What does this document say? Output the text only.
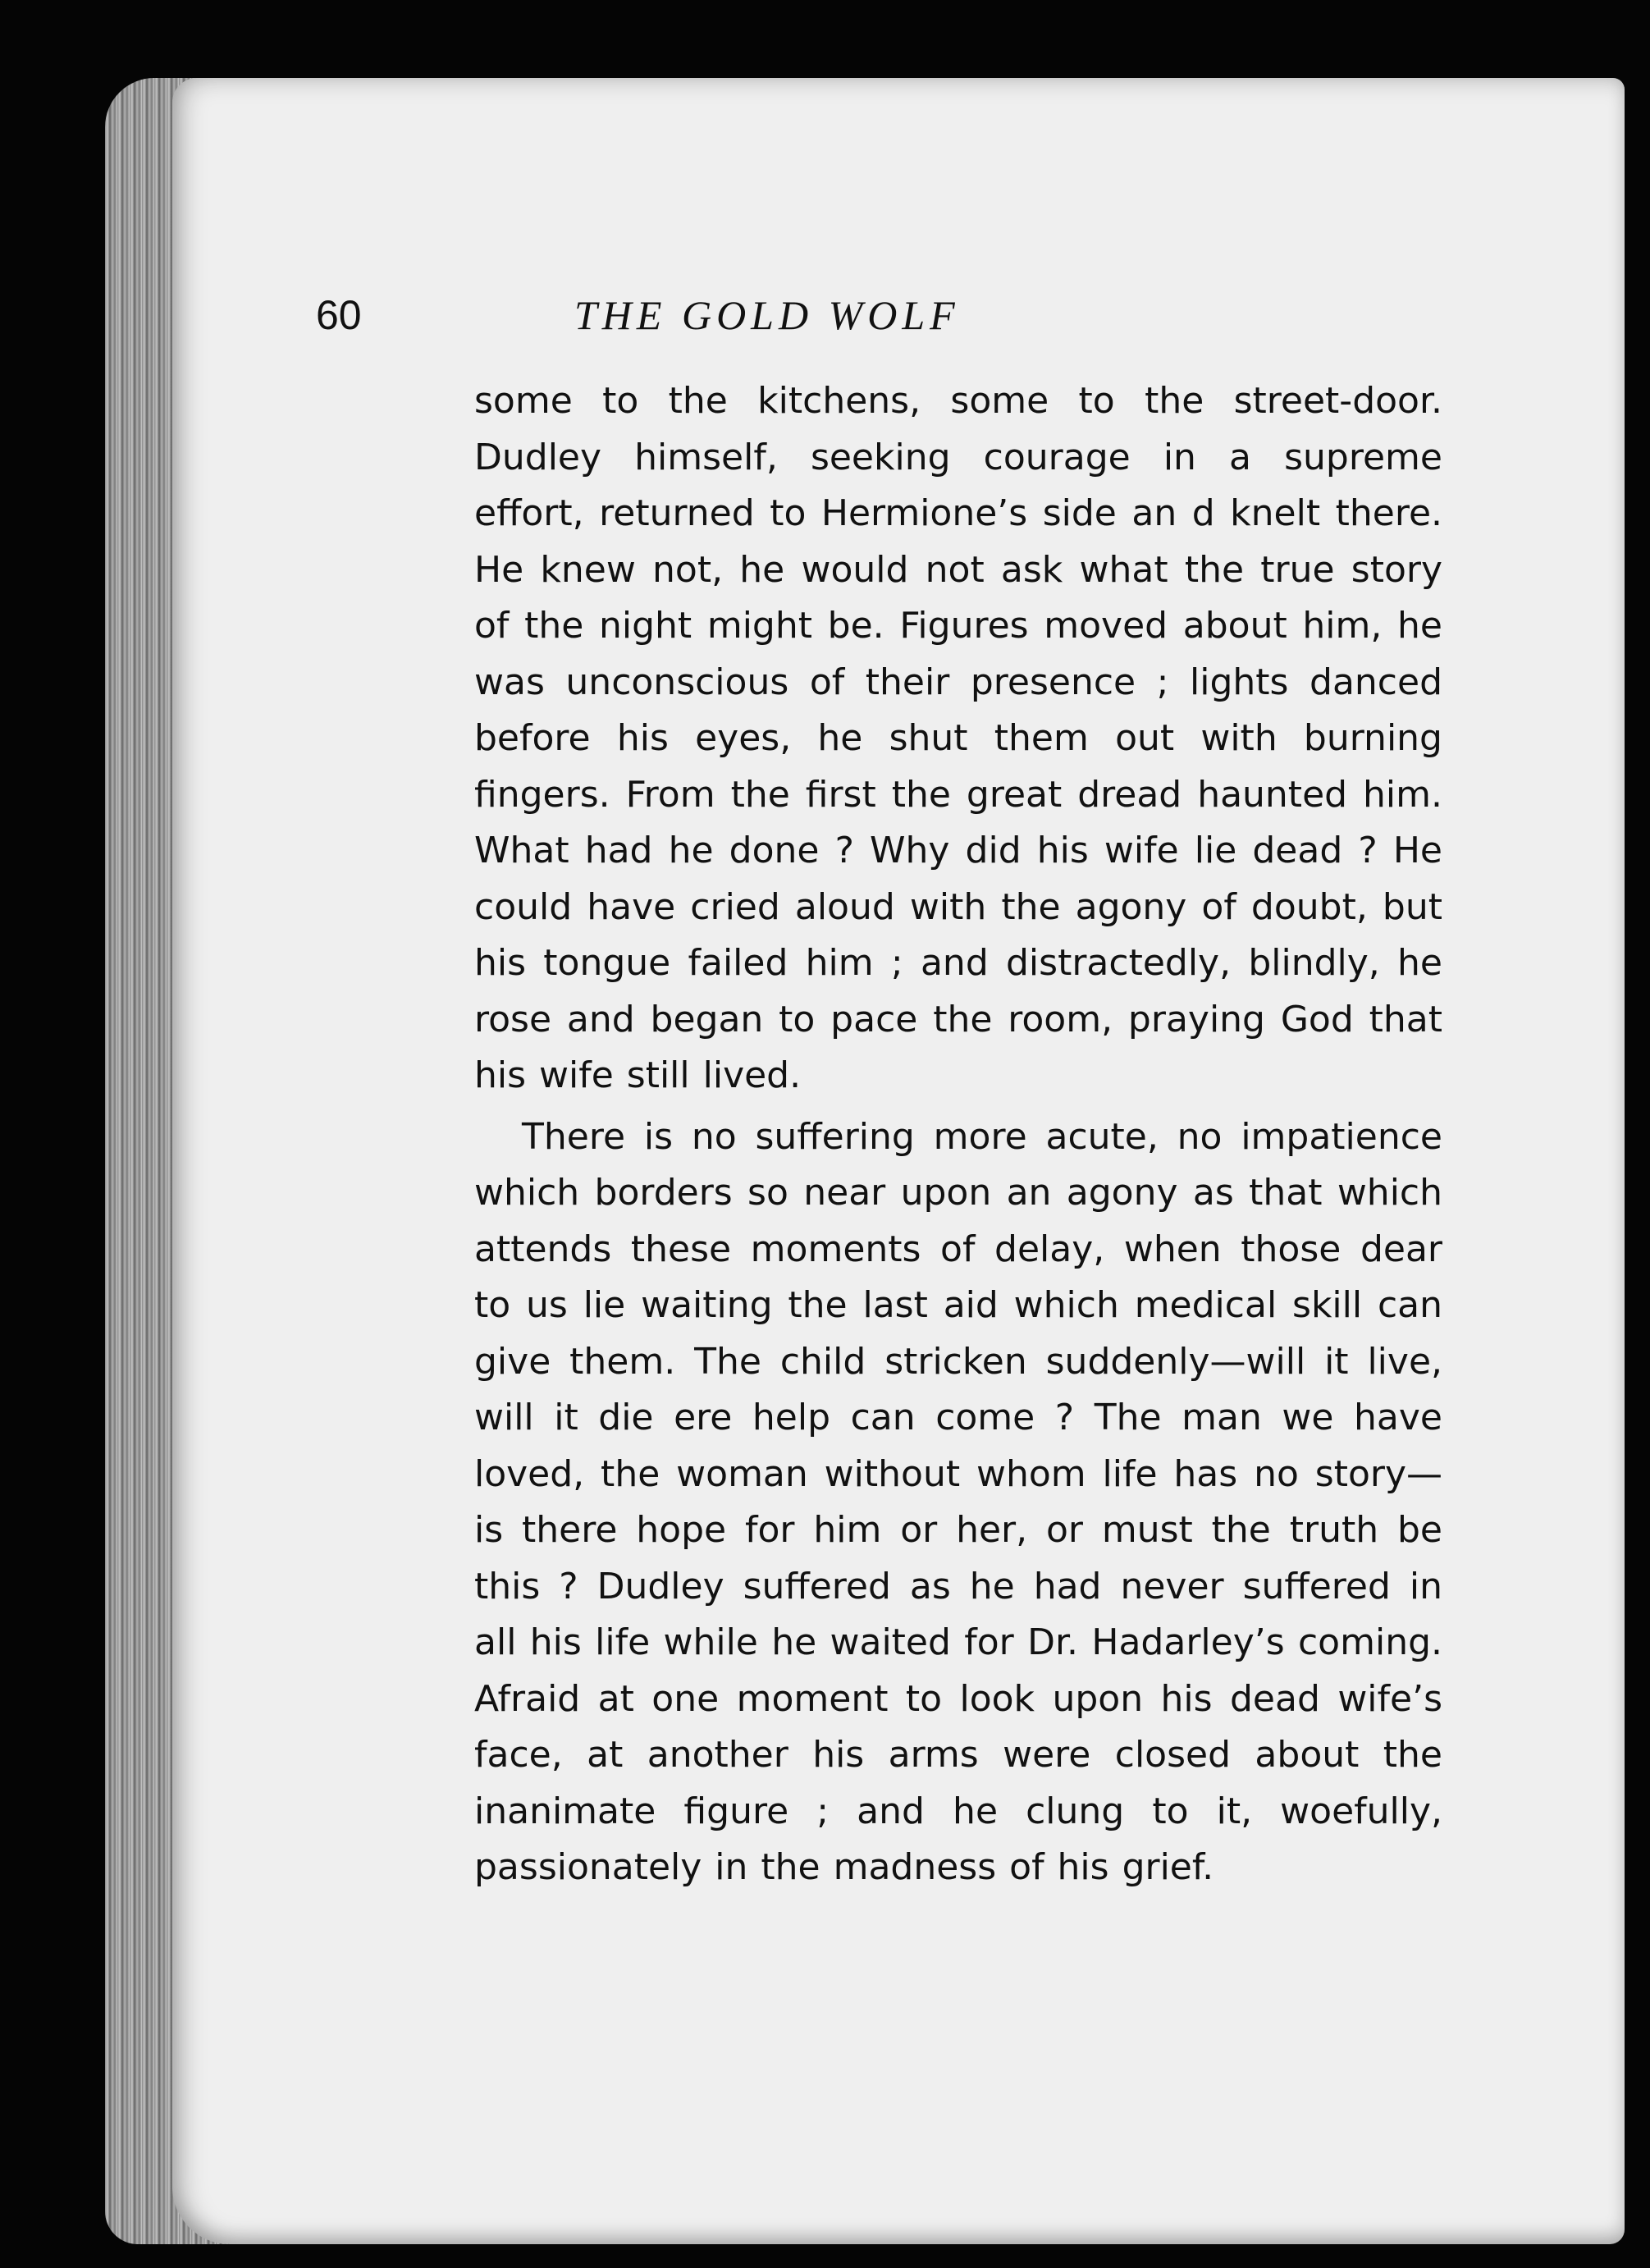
60	THE GOLD WOLF

some to the kitchens, some to the street-door. Dudley himself, seeking courage in a supreme effort, returned to Hermione’s side an d knelt there. He knew not, he would not ask what the true story of the night might be. Figures moved about him, he was unconscious of their presence ; lights danced before his eyes, he shut them out with burning fingers. From the first the great dread haunted him. What had he done ? Why did his wife lie dead ? He could have cried aloud with the agony of doubt, but his tongue failed him ; and distractedly, blindly, he rose and began to pace the room, praying God that his wife still lived.

There is no suffering more acute, no impatience which borders so near upon an agony as that which attends these moments of delay, when those dear to us lie waiting the last aid which medical skill can give them. The child stricken suddenly—will it live, will it die ere help can come ? The man we have loved, the woman without whom life has no story—is there hope for him or her, or must the truth be this ? Dudley suffered as he had never suffered in all his life while he waited for Dr. Hadarley’s coming. Afraid at one moment to look upon his dead wife’s face, at another his arms were closed about the inanimate figure ; and he clung to it, woefully, passionately in the madness of his grief.
